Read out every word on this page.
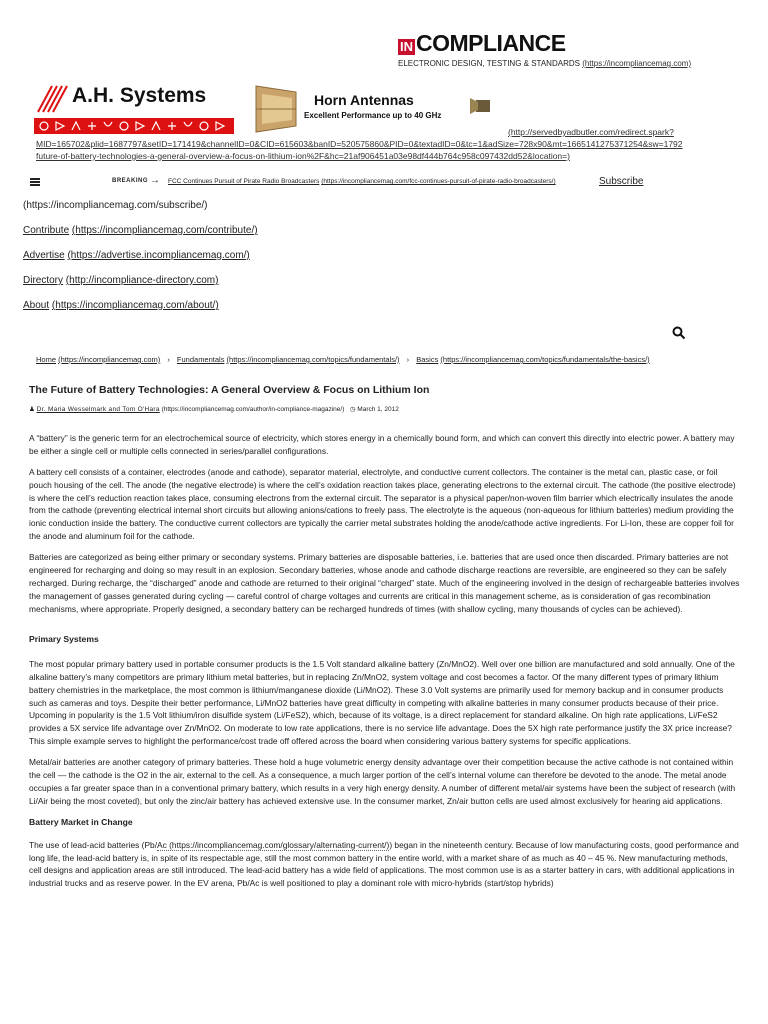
IN COMPLIANCE
ELECTRONIC DESIGN, TESTING & STANDARDS (https://incompliancemag.com)
A.H. Systems	Horn Antennas
Excellent Performance up to 40 GHz
(http://servedbyadbutler.com/redirect.spark?
MID=165702&plid=1687797&setID=171419&channelID=0&CID=615603&banID=520575860&PID=0&textadID=0&tc=1&adSize=728x90&mt=1665141275371254&sw=1792
future-of-battery-technologies-a-general-overview-a-focus-on-lithium-ion%2F&hc=21af906451a03e98df444b764c958c097432dd52&location=)
BREAKING → FCC Continues Pursuit of Pirate Radio Broadcasters (https://incompliancemag.com/fcc-continues-pursuit-of-pirate-radio-broadcasters/)	Subscribe
(https://incompliancemag.com/subscribe/)
Contribute (https://incompliancemag.com/contribute/)
Advertise (https://advertise.incompliancemag.com/)
Directory (http://incompliance-directory.com)
About (https://incompliancemag.com/about/)
Home (https://incompliancemag.com) › Fundamentals (https://incompliancemag.com/topics/fundamentals/) › Basics (https://incompliancemag.com/topics/fundamentals/the-basics/)
The Future of Battery Technologies: A General Overview & Focus on Lithium Ion
♟ Dr. Maria Wesselmark and Tom O'Hara (https://incompliancemag.com/author/in-compliance-magazine/) ◷ March 1, 2012

A “battery” is the generic term for an electrochemical source of electricity, which stores energy in a chemically bound form, and which can convert this directly into electric power. A battery may be either a single cell or multiple cells connected in series/parallel configurations.

A battery cell consists of a container, electrodes (anode and cathode), separator material, electrolyte, and conductive current collectors. The container is the metal can, plastic case, or foil pouch housing of the cell. The anode (the negative electrode) is where the cell’s oxidation reaction takes place, generating electrons to the external circuit. The cathode (the positive electrode) is where the cell’s reduction reaction takes place, consuming electrons from the external circuit. The separator is a physical paper/non-woven film barrier which electrically insulates the anode from the cathode (preventing electrical internal short circuits but allowing anions/cations to freely pass. The electrolyte is the aqueous (non-aqueous for lithium batteries) medium providing the ionic conduction inside the battery. The conductive current collectors are typically the carrier metal substrates holding the anode/cathode active ingredients. For Li-Ion, these are copper foil for the anode and aluminum foil for the cathode.

Batteries are categorized as being either primary or secondary systems. Primary batteries are disposable batteries, i.e. batteries that are used once then discarded. Primary batteries are not engineered for recharging and doing so may result in an explosion. Secondary batteries, whose anode and cathode discharge reactions are reversible, are engineered so they can be safely recharged. During recharge, the “discharged” anode and cathode are returned to their original “charged” state. Much of the engineering involved in the design of rechargeable batteries involves the management of gasses generated during cycling — careful control of charge voltages and currents are critical in this management scheme, as is consideration of gas recombination mechanisms, where appropriate. Properly designed, a secondary battery can be recharged hundreds of times (with shallow cycling, many thousands of cycles can be achieved).

Primary Systems

The most popular primary battery used in portable consumer products is the 1.5 Volt standard alkaline battery (Zn/MnO2). Well over one billion are manufactured and sold annually. One of the alkaline battery’s many competitors are primary lithium metal batteries, but in replacing Zn/MnO2, system voltage and cost becomes a factor. Of the many different types of primary lithium battery chemistries in the marketplace, the most common is lithium/manganese dioxide (Li/MnO2). These 3.0 Volt systems are primarily used for memory backup and in consumer products such as cameras and toys. Despite their better performance, Li/MnO2 batteries have great difficulty in competing with alkaline batteries in many consumer products because of their price. Upcoming in popularity is the 1.5 Volt lithium/iron disulfide system (Li/FeS2), which, because of its voltage, is a direct replacement for standard alkaline. On high rate applications, Li/FeS2 provides a 5X service life advantage over Zn/MnO2. On moderate to low rate applications, there is no service life advantage. Does the 5X high rate performance justify the 3X price increase? This simple example serves to highlight the performance/cost trade off offered across the board when considering various battery systems for specific applications.

Metal/air batteries are another category of primary batteries. These hold a huge volumetric energy density advantage over their competition because the active cathode is not contained within the cell — the cathode is the O2 in the air, external to the cell. As a consequence, a much larger portion of the cell’s internal volume can therefore be devoted to the anode. The metal anode occupies a far greater space than in a conventional primary battery, which results in a very high energy density. A number of different metal/air systems have been the subject of research (with Li/Air being the most coveted), but only the zinc/air battery has achieved extensive use. In the consumer market, Zn/air button cells are used almost exclusively for hearing aid applications.

Battery Market in Change

The use of lead-acid batteries (Pb/Ac (https://incompliancemag.com/glossary/alternating-current/)) began in the nineteenth century. Because of low manufacturing costs, good performance and long life, the lead-acid battery is, in spite of its respectable age, still the most common battery in the entire world, with a market share of as much as 40 – 45 %. New manufacturing methods, cell designs and application areas are still introduced. The lead-acid battery has a wide field of applications. The most common use is as a starter battery in cars, with additional applications in industrial trucks and as reserve power. In the EV arena, Pb/Ac is well positioned to play a dominant role with micro-hybrids (start/stop hybrids)
